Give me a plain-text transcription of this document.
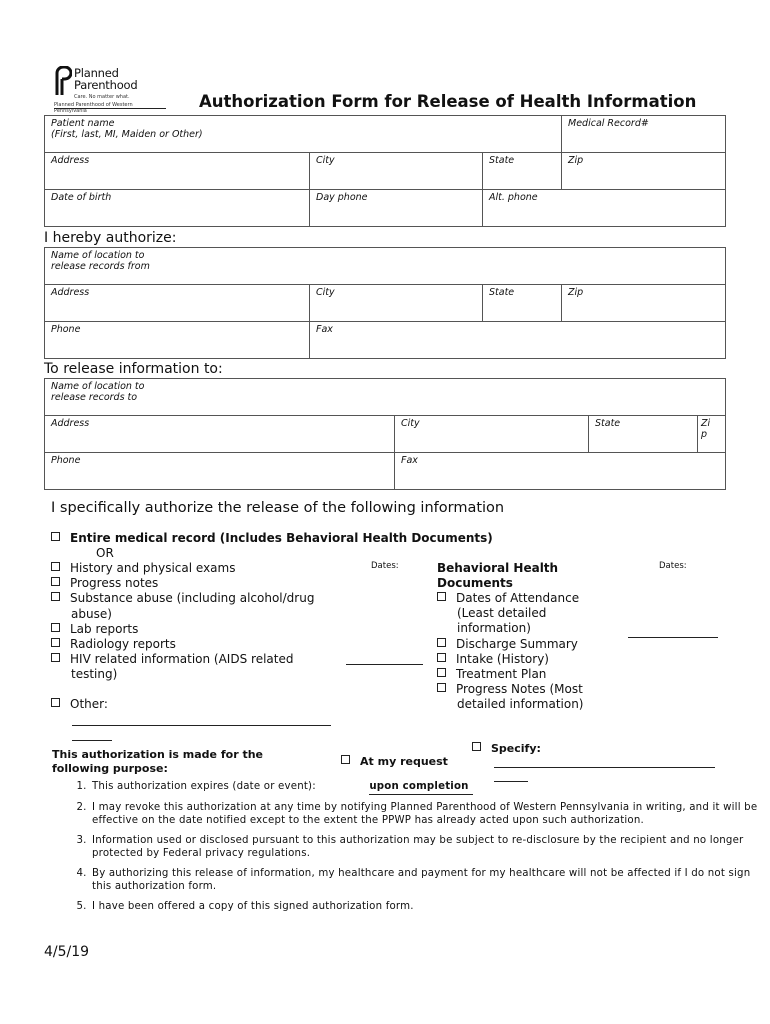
Planned
Parenthood
Care. No matter what.
Planned Parenthood of Western Pennsylvania	Authorization Form for Release of Health Information
Patient name
(First, last, MI, Maiden or Other)			Medical Record#
Address	City	State	Zip
Date of birth	Day phone	Alt. phone	
I hereby authorize:
Name of location to
release records from			

Address	City	State	Zip
Phone	Fax		
To release information to:
Name of location to
release records to			

Address	City	State	Zi
p

Phone	Fax		
I specifically authorize the release of the following information
Entire medical record (Includes Behavioral Health Documents)
OR
History and physical exams
Progress notes
Substance abuse (including alcohol/drug
abuse)
Lab reports
Radiology reports
HIV related information (AIDS related
testing)
Other:
Dates:	Behavioral Health
Documents
Dates of Attendance
(Least detailed
information)
Discharge Summary
Intake (History)
Treatment Plan
Progress Notes (Most
detailed information)
Dates:
This authorization is made for the
following purpose:
At my request
Specify:
1. This authorization expires (date or event):	upon completion
2. I may revoke this authorization at any time by notifying Planned Parenthood of Western Pennsylvania in writing, and it will be effective on the date notified except to the extent the PPWP has already acted upon such authorization.
3. Information used or disclosed pursuant to this authorization may be subject to re-disclosure by the recipient and no longer protected by Federal privacy regulations.
4. By authorizing this release of information, my healthcare and payment for my healthcare will not be affected if I do not sign this authorization form.
5. I have been offered a copy of this signed authorization form.
4/5/19
